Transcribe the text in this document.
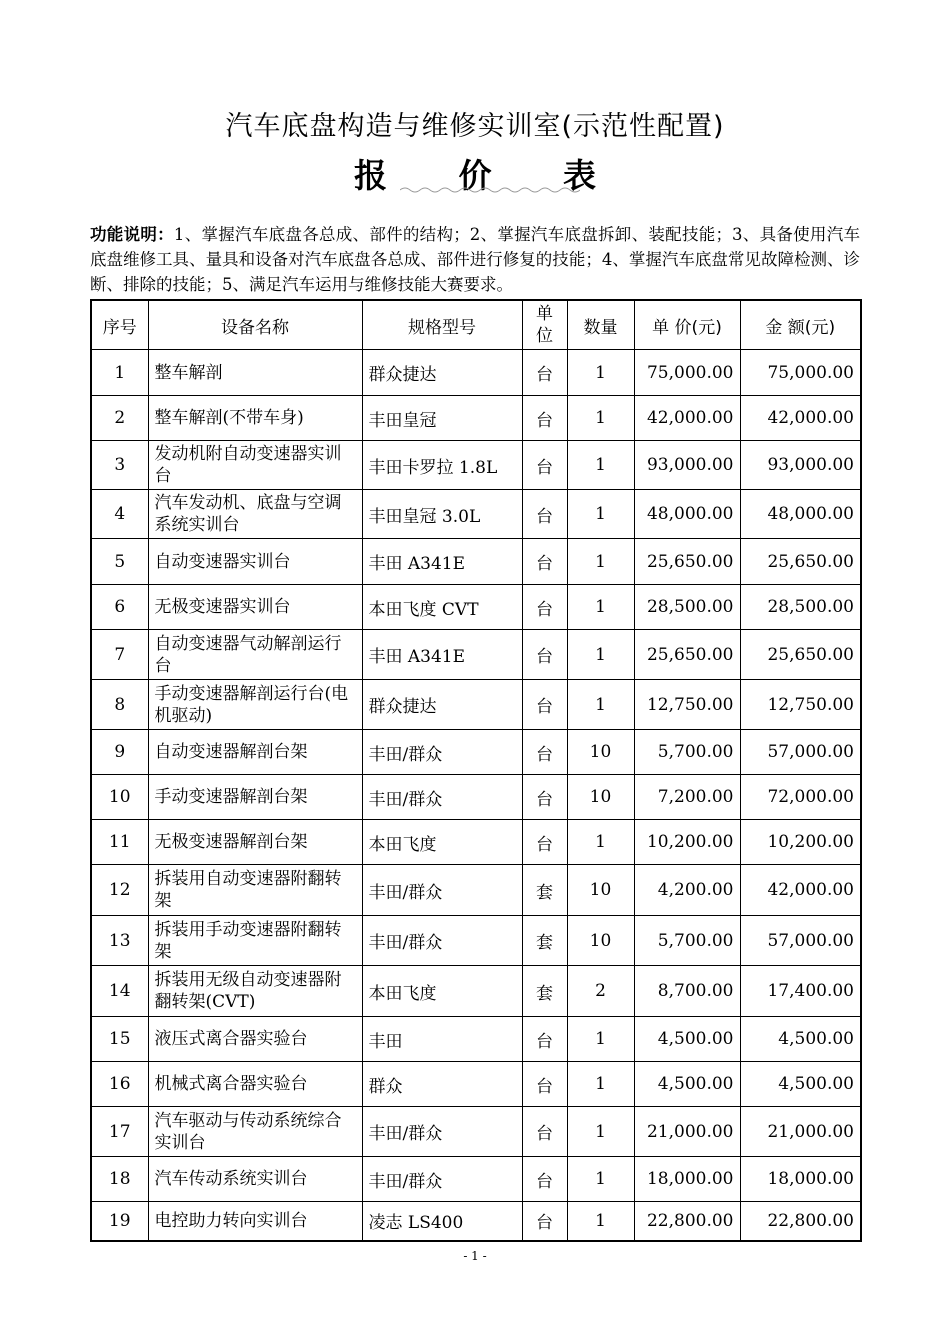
汽车底盘构造与维修实训室(示范性配置)
报 价 表
功能说明：1、掌握汽车底盘各总成、部件的结构；2、掌握汽车底盘拆卸、装配技能；3、具备使用汽车底盘维修工具、量具和设备对汽车底盘各总成、部件进行修复的技能；4、掌握汽车底盘常见故障检测、诊断、排除的技能；5、满足汽车运用与维修技能大赛要求。
序号	设备名称	规格型号	单位	数量	单 价(元)	金 额(元)
1	整车解剖	群众捷达	台	1	75,000.00	75,000.00
2	整车解剖(不带车身)	丰田皇冠	台	1	42,000.00	42,000.00
3	发动机附自动变速器实训台	丰田卡罗拉 1.8L	台	1	93,000.00	93,000.00
4	汽车发动机、底盘与空调系统实训台	丰田皇冠 3.0L	台	1	48,000.00	48,000.00
5	自动变速器实训台	丰田 A341E	台	1	25,650.00	25,650.00
6	无极变速器实训台	本田飞度 CVT	台	1	28,500.00	28,500.00
7	自动变速器气动解剖运行台	丰田 A341E	台	1	25,650.00	25,650.00
8	手动变速器解剖运行台(电机驱动)	群众捷达	台	1	12,750.00	12,750.00
9	自动变速器解剖台架	丰田/群众	台	10	5,700.00	57,000.00
10	手动变速器解剖台架	丰田/群众	台	10	7,200.00	72,000.00
11	无极变速器解剖台架	本田飞度	台	1	10,200.00	10,200.00
12	拆装用自动变速器附翻转架	丰田/群众	套	10	4,200.00	42,000.00
13	拆装用手动变速器附翻转架	丰田/群众	套	10	5,700.00	57,000.00
14	拆装用无级自动变速器附翻转架(CVT)	本田飞度	套	2	8,700.00	17,400.00
15	液压式离合器实验台	丰田	台	1	4,500.00	4,500.00
16	机械式离合器实验台	群众	台	1	4,500.00	4,500.00
17	汽车驱动与传动系统综合实训台	丰田/群众	台	1	21,000.00	21,000.00
18	汽车传动系统实训台	丰田/群众	台	1	18,000.00	18,000.00
19	电控助力转向实训台	凌志 LS400	台	1	22,800.00	22,800.00
- 1 -
